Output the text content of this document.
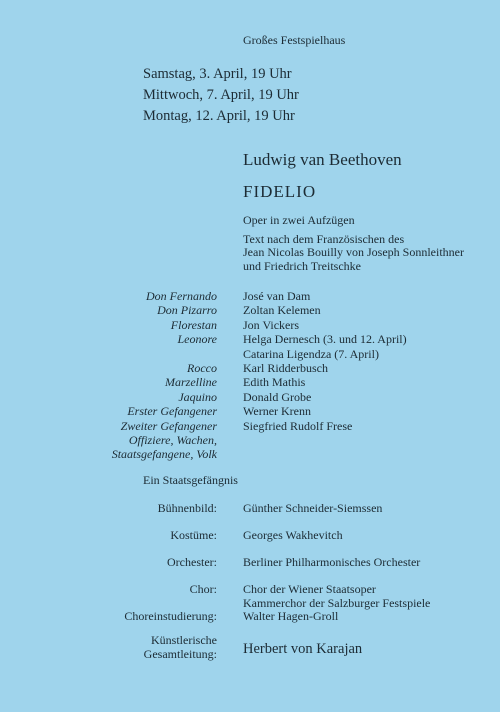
Großes Festspielhaus
Samstag, 3. April, 19 Uhr
Mittwoch, 7. April, 19 Uhr
Montag, 12. April, 19 Uhr
Ludwig van Beethoven
FIDELIO
Oper in zwei Aufzügen
Text nach dem Französischen des
Jean Nicolas Bouilly von Joseph Sonnleithner
und Friedrich Treitschke
Don Fernando
Don Pizarro
Florestan
Leonore

Rocco
Marzelline
Jaquino
Erster Gefangener
Zweiter Gefangener
Offiziere, Wachen,
Staatsgefangene, Volk
José van Dam
Zoltan Kelemen
Jon Vickers
Helga Dernesch (3. und 12. April)
Catarina Ligendza (7. April)
Karl Ridderbusch
Edith Mathis
Donald Grobe
Werner Krenn
Siegfried Rudolf Frese
Ein Staatsgefängnis
Bühnenbild: Günther Schneider-Siemssen
Kostüme: Georges Wakhevitch
Orchester: Berliner Philharmonisches Orchester
Chor: Chor der Wiener Staatsoper
Kammerchor der Salzburger Festspiele
Choreinstudierung: Walter Hagen-Groll
Künstlerische
Gesamtleitung: Herbert von Karajan
